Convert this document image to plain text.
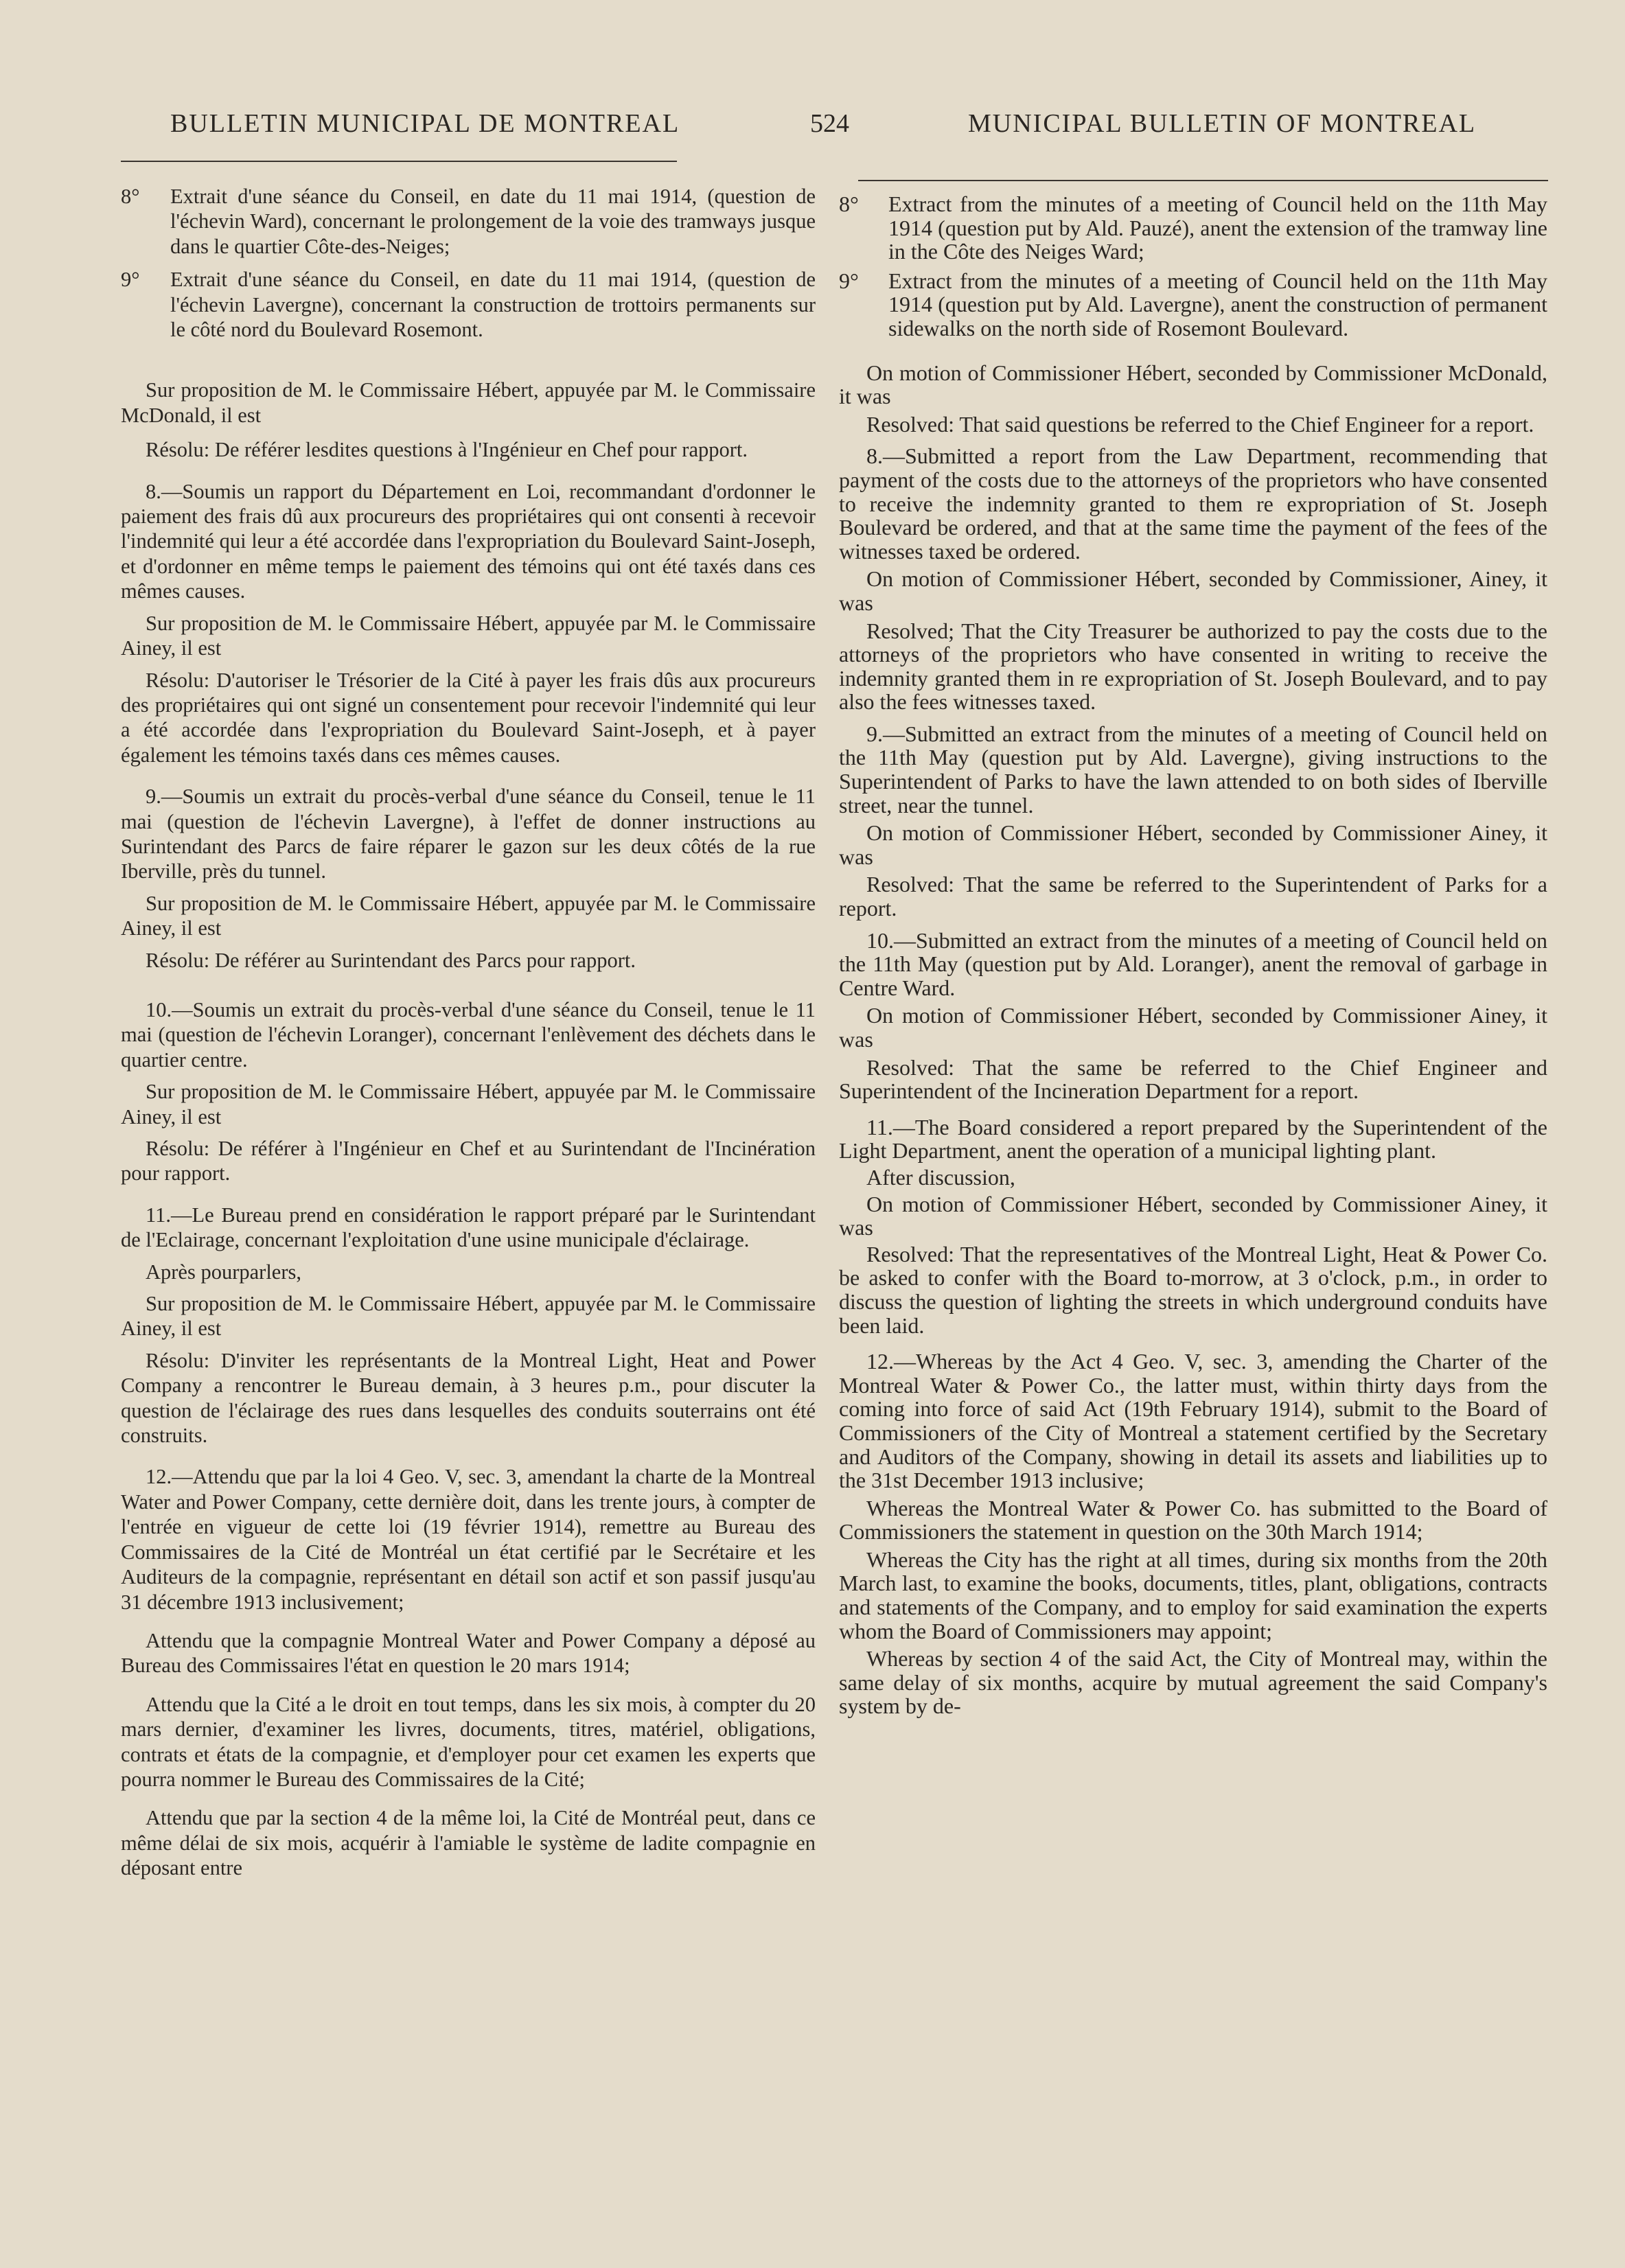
BULLETIN MUNICIPAL DE MONTREAL	524	MUNICIPAL BULLETIN OF MONTREAL
8°	Extrait d'une séance du Conseil, en date du 11 mai 1914, (question de l'échevin Ward), concernant le prolongement de la voie des tramways jusque dans le quartier Côte-des-Neiges;
9°	Extrait d'une séance du Conseil, en date du 11 mai 1914, (question de l'échevin Lavergne), concernant la construction de trottoirs permanents sur le côté nord du Boulevard Rosemont.

Sur proposition de M. le Commissaire Hébert, appuyée par M. le Commissaire McDonald, il est

Résolu: De référer lesdites questions à l'Ingénieur en Chef pour rapport.

8.—Soumis un rapport du Département en Loi, recommandant d'ordonner le paiement des frais dû aux procureurs des propriétaires qui ont consenti à recevoir l'indemnité qui leur a été accordée dans l'expropriation du Boulevard Saint-Joseph, et d'ordonner en même temps le paiement des témoins qui ont été taxés dans ces mêmes causes.

Sur proposition de M. le Commissaire Hébert, appuyée par M. le Commissaire Ainey, il est

Résolu: D'autoriser le Trésorier de la Cité à payer les frais dûs aux procureurs des propriétaires qui ont signé un consentement pour recevoir l'indemnité qui leur a été accordée dans l'expropriation du Boulevard Saint-Joseph, et à payer également les témoins taxés dans ces mêmes causes.

9.—Soumis un extrait du procès-verbal d'une séance du Conseil, tenue le 11 mai (question de l'échevin Lavergne), à l'effet de donner instructions au Surintendant des Parcs de faire réparer le gazon sur les deux côtés de la rue Iberville, près du tunnel.

Sur proposition de M. le Commissaire Hébert, appuyée par M. le Commissaire Ainey, il est

Résolu: De référer au Surintendant des Parcs pour rapport.

10.—Soumis un extrait du procès-verbal d'une séance du Conseil, tenue le 11 mai (question de l'échevin Loranger), concernant l'enlèvement des déchets dans le quartier centre.

Sur proposition de M. le Commissaire Hébert, appuyée par M. le Commissaire Ainey, il est

Résolu: De référer à l'Ingénieur en Chef et au Surintendant de l'Incinération pour rapport.

11.—Le Bureau prend en considération le rapport préparé par le Surintendant de l'Eclairage, concernant l'exploitation d'une usine municipale d'éclairage.

Après pourparlers,

Sur proposition de M. le Commissaire Hébert, appuyée par M. le Commissaire Ainey, il est

Résolu: D'inviter les représentants de la Montreal Light, Heat and Power Company a rencontrer le Bureau demain, à 3 heures p.m., pour discuter la question de l'éclairage des rues dans lesquelles des conduits souterrains ont été construits.

12.—Attendu que par la loi 4 Geo. V, sec. 3, amendant la charte de la Montreal Water and Power Company, cette dernière doit, dans les trente jours, à compter de l'entrée en vigueur de cette loi (19 février 1914), remettre au Bureau des Commissaires de la Cité de Montréal un état certifié par le Secrétaire et les Auditeurs de la compagnie, représentant en détail son actif et son passif jusqu'au 31 décembre 1913 inclusivement;

Attendu que la compagnie Montreal Water and Power Company a déposé au Bureau des Commissaires l'état en question le 20 mars 1914;

Attendu que la Cité a le droit en tout temps, dans les six mois, à compter du 20 mars dernier, d'examiner les livres, documents, titres, matériel, obligations, contrats et états de la compagnie, et d'employer pour cet examen les experts que pourra nommer le Bureau des Commissaires de la Cité;

Attendu que par la section 4 de la même loi, la Cité de Montréal peut, dans ce même délai de six mois, acquérir à l'amiable le système de ladite compagnie en déposant entre

8°	Extract from the minutes of a meeting of Council held on the 11th May 1914 (question put by Ald. Pauzé), anent the extension of the tramway line in the Côte des Neiges Ward;
9°	Extract from the minutes of a meeting of Council held on the 11th May 1914 (question put by Ald. Lavergne), anent the construction of permanent sidewalks on the north side of Rosemont Boulevard.

On motion of Commissioner Hébert, seconded by Commissioner McDonald, it was

Resolved: That said questions be referred to the Chief Engineer for a report.

8.—Submitted a report from the Law Department, recommending that payment of the costs due to the attorneys of the proprietors who have consented to receive the indemnity granted to them re expropriation of St. Joseph Boulevard be ordered, and that at the same time the payment of the fees of the witnesses taxed be ordered.

On motion of Commissioner Hébert, seconded by Commissioner, Ainey, it was

Resolved; That the City Treasurer be authorized to pay the costs due to the attorneys of the proprietors who have consented in writing to receive the indemnity granted them in re expropriation of St. Joseph Boulevard, and to pay also the fees witnesses taxed.

9.—Submitted an extract from the minutes of a meeting of Council held on the 11th May (question put by Ald. Lavergne), giving instructions to the Superintendent of Parks to have the lawn attended to on both sides of Iberville street, near the tunnel.

On motion of Commissioner Hébert, seconded by Commissioner Ainey, it was

Resolved: That the same be referred to the Superintendent of Parks for a report.

10.—Submitted an extract from the minutes of a meeting of Council held on the 11th May (question put by Ald. Loranger), anent the removal of garbage in Centre Ward.

On motion of Commissioner Hébert, seconded by Commissioner Ainey, it was

Resolved: That the same be referred to the Chief Engineer and Superintendent of the Incineration Department for a report.

11.—The Board considered a report prepared by the Superintendent of the Light Department, anent the operation of a municipal lighting plant.

After discussion,

On motion of Commissioner Hébert, seconded by Commissioner Ainey, it was

Resolved: That the representatives of the Montreal Light, Heat & Power Co. be asked to confer with the Board to-morrow, at 3 o'clock, p.m., in order to discuss the question of lighting the streets in which underground conduits have been laid.

12.—Whereas by the Act 4 Geo. V, sec. 3, amending the Charter of the Montreal Water & Power Co., the latter must, within thirty days from the coming into force of said Act (19th February 1914), submit to the Board of Commissioners of the City of Montreal a statement certified by the Secretary and Auditors of the Company, showing in detail its assets and liabilities up to the 31st December 1913 inclusive;

Whereas the Montreal Water & Power Co. has submitted to the Board of Commissioners the statement in question on the 30th March 1914;

Whereas the City has the right at all times, during six months from the 20th March last, to examine the books, documents, titles, plant, obligations, contracts and statements of the Company, and to employ for said examination the experts whom the Board of Commissioners may appoint;

Whereas by section 4 of the said Act, the City of Montreal may, within the same delay of six months, acquire by mutual agreement the said Company's system by de-
